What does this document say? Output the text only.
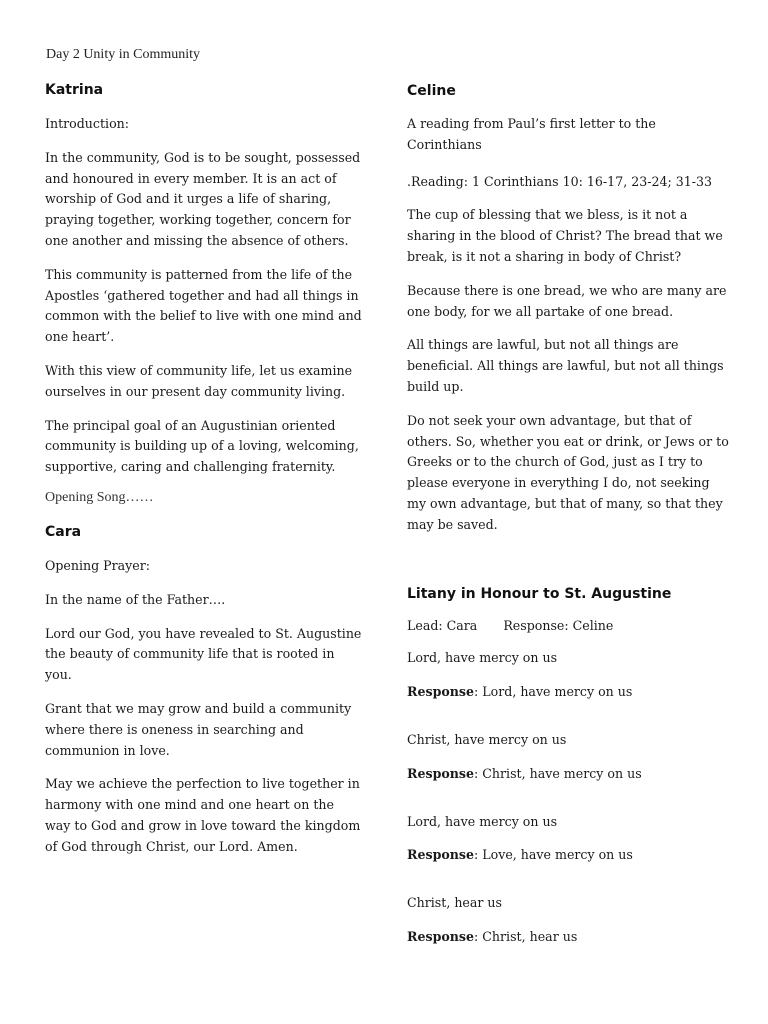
Day 2 Unity in Community
Katrina

Introduction:

In the community, God is to be sought, possessed and honoured in every member. It is an act of worship of God and it urges a life of sharing, praying together, working together, concern for one another and missing the absence of others.

This community is patterned from the life of the Apostles ‘gathered together and had all things in common with the belief to live with one mind and one heart’.

With this view of community life, let us examine ourselves in our present day community living.

The principal goal of an Augustinian oriented community is building up of a loving, welcoming, supportive, caring and challenging fraternity.

Opening Song……
Cara

Opening Prayer:

In the name of the Father….

Lord our God, you have revealed to St. Augustine the beauty of community life that is rooted in you.

Grant that we may grow and build a community where there is oneness in searching and communion in love.

May we achieve the perfection to live together in harmony with one mind and one heart on the way to God and grow in love toward the kingdom of God through Christ, our Lord. Amen.

Celine

A reading from Paul’s first letter to the Corinthians

.Reading: 1 Corinthians 10: 16-17, 23-24; 31-33

The cup of blessing that we bless, is it not a sharing in the blood of Christ? The bread that we break, is it not a sharing in body of Christ?

Because there is one bread, we who are many are one body, for we all partake of one bread.

All things are lawful, but not all things are beneficial. All things are lawful, but not all things build up.

Do not seek your own advantage, but that of others. So, whether you eat or drink, or Jews or to Greeks or to the church of God, just as I try to please everyone in everything I do, not seeking my own advantage, but that of many, so that they may be saved.

Litany in Honour to St. Augustine

Lead: Cara Response: Celine

Lord, have mercy on us

Response: Lord, have mercy on us

Christ, have mercy on us

Response: Christ, have mercy on us

Lord, have mercy on us

Response: Love, have mercy on us

Christ, hear us

Response: Christ, hear us
